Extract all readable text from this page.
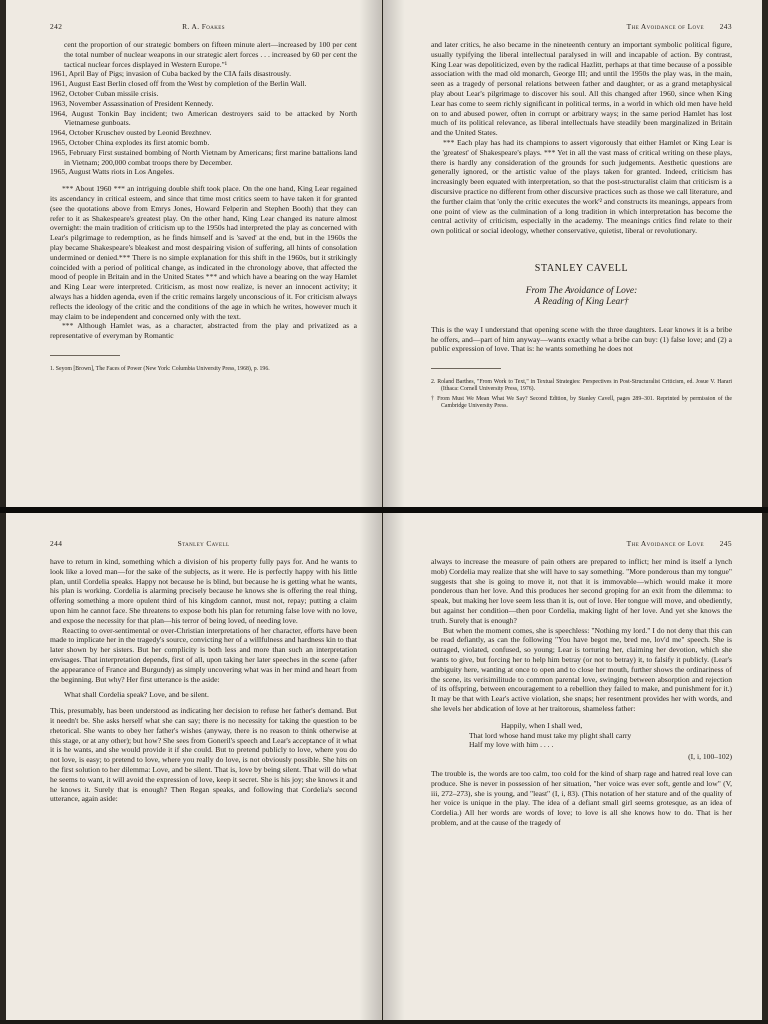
242	R. A. Foakes

cent the proportion of our strategic bombers on fifteen minute alert—increased by 100 per cent the total number of nuclear weapons in our strategic alert forces . . . increased by 60 per cent the tactical nuclear forces displayed in Western Europe."¹

1961, April Bay of Pigs; invasion of Cuba backed by the CIA fails disastrously.
1961, August East Berlin closed off from the West by completion of the Berlin Wall.
1962, October Cuban missile crisis.
1963, November Assassination of President Kennedy.
1964, August Tonkin Bay incident; two American destroyers said to be attacked by North Vietnamese gunboats.
1964, October Kruschev ousted by Leonid Brezhnev.
1965, October China explodes its first atomic bomb.
1965, February First sustained bombing of North Vietnam by Americans; first marine battalions land in Vietnam; 200,000 combat troops there by December.
1965, August Watts riots in Los Angeles.

*** About 1960 *** an intriguing double shift took place. On the one hand, King Lear regained its ascendancy in critical esteem, and since that time most critics seem to have taken it for granted (see the quotations above from Emrys Jones, Howard Felperin and Stephen Booth) that they can refer to it as Shakespeare's greatest play. On the other hand, King Lear changed its nature almost overnight: the main tradition of criticism up to the 1950s had interpreted the play as concerned with Lear's pilgrimage to redemption, as he finds himself and is 'saved' at the end, but in the 1960s the play became Shakespeare's bleakest and most despairing vision of suffering, all hints of consolation undermined or denied.*** There is no simple explanation for this shift in the 1960s, but it strikingly coincided with a period of political change, as indicated in the chronology above, that affected the mood of people in Britain and in the United States *** and which have a bearing on the way Hamlet and King Lear were interpreted. Criticism, as most now realize, is never an innocent activity; it always has a hidden agenda, even if the critic remains largely unconscious of it. For criticism always reflects the ideology of the critic and the conditions of the age in which he writes, however much it may claim to be independent and concerned only with the text.

*** Although Hamlet was, as a character, abstracted from the play and privatized as a representative of everyman by Romantic

1. Seyom [Brown], The Faces of Power (New York: Columbia University Press, 1968), p. 196.

The Avoidance of Love	243

and later critics, he also became in the nineteenth century an important symbolic political figure, usually typifying the liberal intellectual paralysed in will and incapable of action. By contrast, King Lear was depoliticized, even by the radical Hazlitt, perhaps at that time because of a possible association with the mad old monarch, George III; and until the 1950s the play was, in the main, seen as a tragedy of personal relations between father and daughter, or as a grand metaphysical play about Lear's pilgrimage to discover his soul. All this changed after 1960, since when King Lear has come to seem richly significant in political terms, in a world in which old men have held on to and abused power, often in corrupt or arbitrary ways; in the same period Hamlet has lost much of its political relevance, as liberal intellectuals have steadily been marginalized in Britain and the United States.

*** Each play has had its champions to assert vigorously that either Hamlet or King Lear is the 'greatest' of Shakespeare's plays. *** Yet in all the vast mass of critical writing on these plays, there is hardly any consideration of the grounds for such judgements. Aesthetic questions are generally ignored, or the artistic value of the plays taken for granted. Indeed, criticism has increasingly been equated with interpretation, so that the post-structuralist claim that criticism is a discursive practice no different from other discursive practices such as those we call literature, and the further claim that 'only the critic executes the work'² and constructs its meanings, appears from one point of view as the culmination of a long tradition in which interpretation has become the central activity of criticism, especially in the academy. The meanings critics find relate to their own political or social ideology, whether conservative, quietist, liberal or revolutionary.

STANLEY CAVELL
From The Avoidance of Love:
A Reading of King Lear†

This is the way I understand that opening scene with the three daughters. Lear knows it is a bribe he offers, and—part of him anyway—wants exactly what a bribe can buy: (1) false love; and (2) a public expression of love. That is: he wants something he does not

2. Roland Barthes, "From Work to Text," in Textual Strategies: Perspectives in Post-Structuralist Criticism, ed. Josue V. Harari (Ithaca: Cornell University Press, 1976).

† From Must We Mean What We Say? Second Edition, by Stanley Cavell, pages 289–301. Reprinted by permission of the Cambridge University Press.

244	Stanley Cavell

have to return in kind, something which a division of his property fully pays for. And he wants to look like a loved man—for the sake of the subjects, as it were. He is perfectly happy with his little plan, until Cordelia speaks. Happy not because he is blind, but because he is getting what he wants, his plan is working. Cordelia is alarming precisely because he knows she is offering the real thing, offering something a more opulent third of his kingdom cannot, must not, repay; putting a claim upon him he cannot face. She threatens to expose both his plan for returning false love with no love, and expose the necessity for that plan—his terror of being loved, of needing love.

Reacting to over-sentimental or over-Christian interpretations of her character, efforts have been made to implicate her in the tragedy's source, convicting her of a willfulness and hardness kin to that later shown by her sisters. But her complicity is both less and more than such an interpretation envisages. That interpretation depends, first of all, upon taking her later speeches in the scene (after the appearance of France and Burgundy) as simply uncovering what was in her mind and heart from the beginning. But why? Her first utterance is the aside:

What shall Cordelia speak? Love, and be silent.

This, presumably, has been understood as indicating her decision to refuse her father's demand. But it needn't be. She asks herself what she can say; there is no necessity for taking the question to be rhetorical. She wants to obey her father's wishes (anyway, there is no reason to think otherwise at this stage, or at any other); but how? She sees from Goneril's speech and Lear's acceptance of it what it is he wants, and she would provide it if she could. But to pretend publicly to love, where you do not love, is easy; to pretend to love, where you really do love, is not obviously possible. She hits on the first solution to her dilemma: Love, and be silent. That is, love by being silent. That will do what he seems to want, it will avoid the expression of love, keep it secret. She is his joy; she knows it and he knows it. Surely that is enough? Then Regan speaks, and following that Cordelia's second utterance, again aside:

The Avoidance of Love	245

always to increase the measure of pain others are prepared to inflict; her mind is itself a lynch mob) Cordelia may realize that she will have to say something. "More ponderous than my tongue" suggests that she is going to move it, not that it is immovable—which would make it more ponderous than her love. And this produces her second groping for an exit from the dilemma: to speak, but making her love seem less than it is, out of love. Her tongue will move, and obediently, but against her condition—then poor Cordelia, making light of her love. And yet she knows the truth. Surely that is enough?

But when the moment comes, she is speechless: "Nothing my lord." I do not deny that this can be read defiantly, as can the following "You have begot me, bred me, lov'd me" speech. She is outraged, violated, confused, so young; Lear is torturing her, claiming her devotion, which she wants to give, but forcing her to help him betray (or not to betray) it, to falsify it publicly. (Lear's ambiguity here, wanting at once to open and to close her mouth, further shows the ordinariness of the scene, its verisimilitude to common parental love, swinging between absorption and rejection of its offspring, between encouragement to a rebellion they failed to make, and punishment for it.) It may be that with Lear's active violation, she snaps; her resentment provides her with words, and she levels her abdication of love at her traitorous, shameless father:

Happily, when I shall wed,
That lord whose hand must take my plight shall carry
Half my love with him . . . .
(I, i, 100–102)

The trouble is, the words are too calm, too cold for the kind of sharp rage and hatred real love can produce. She is never in possession of her situation, "her voice was ever soft, gentle and low" (V, iii, 272–273), she is young, and "least" (I, i, 83). (This notation of her stature and of the quality of her voice is unique in the play. The idea of a defiant small girl seems grotesque, as an idea of Cordelia.) All her words are words of love; to love is all she knows how to do. That is her problem, and at the cause of the tragedy of
